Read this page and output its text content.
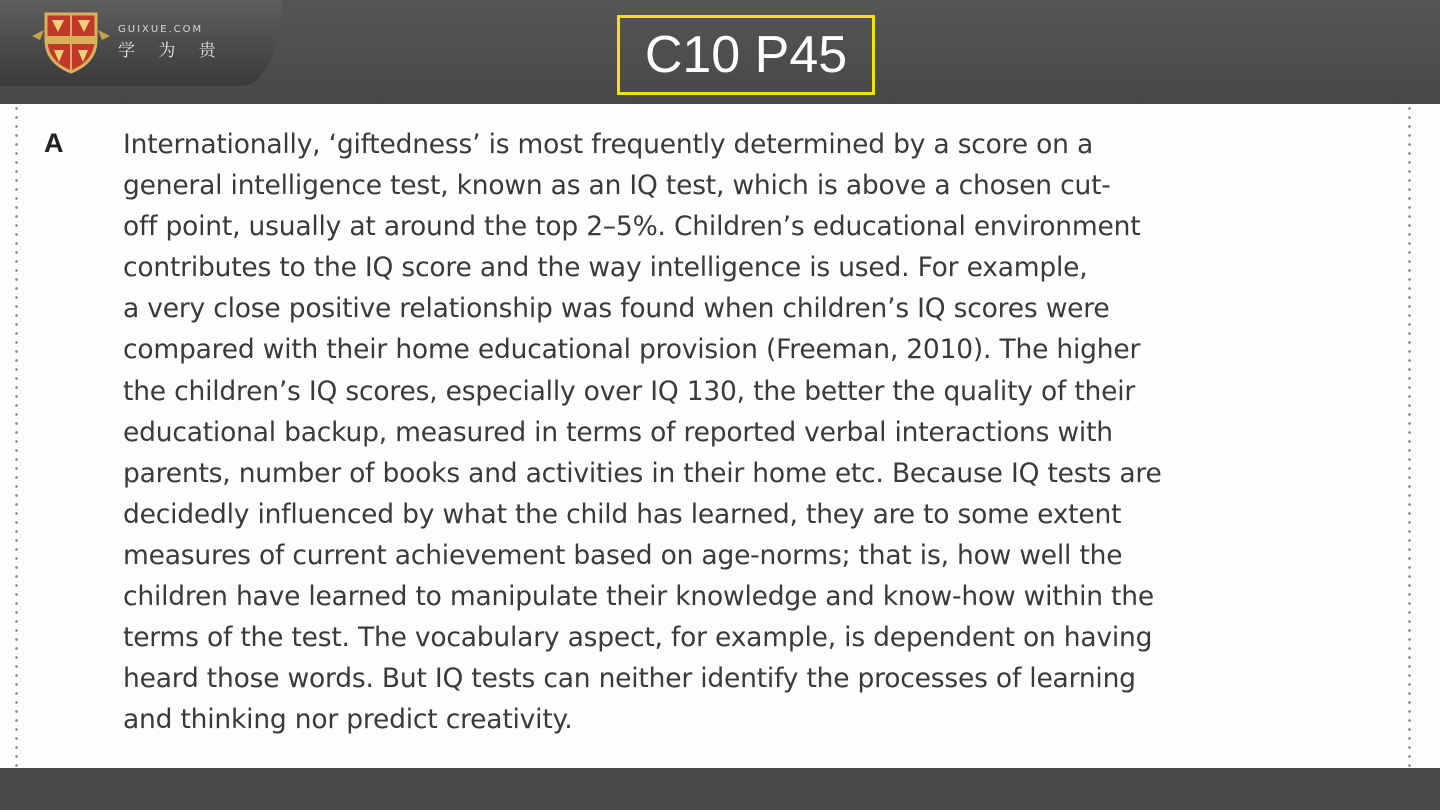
GUIXUE.COM
学 为 贵	C10 P45
A Internationally, ‘giftedness’ is most frequently determined by a score on a
general intelligence test, known as an IQ test, which is above a chosen cut-
off point, usually at around the top 2–5%. Children’s educational environment
contributes to the IQ score and the way intelligence is used. For example,
a very close positive relationship was found when children’s IQ scores were
compared with their home educational provision (Freeman, 2010). The higher
the children’s IQ scores, especially over IQ 130, the better the quality of their
educational backup, measured in terms of reported verbal interactions with
parents, number of books and activities in their home etc. Because IQ tests are
decidedly influenced by what the child has learned, they are to some extent
measures of current achievement based on age-norms; that is, how well the
children have learned to manipulate their knowledge and know-how within the
terms of the test. The vocabulary aspect, for example, is dependent on having
heard those words. But IQ tests can neither identify the processes of learning
and thinking nor predict creativity.
